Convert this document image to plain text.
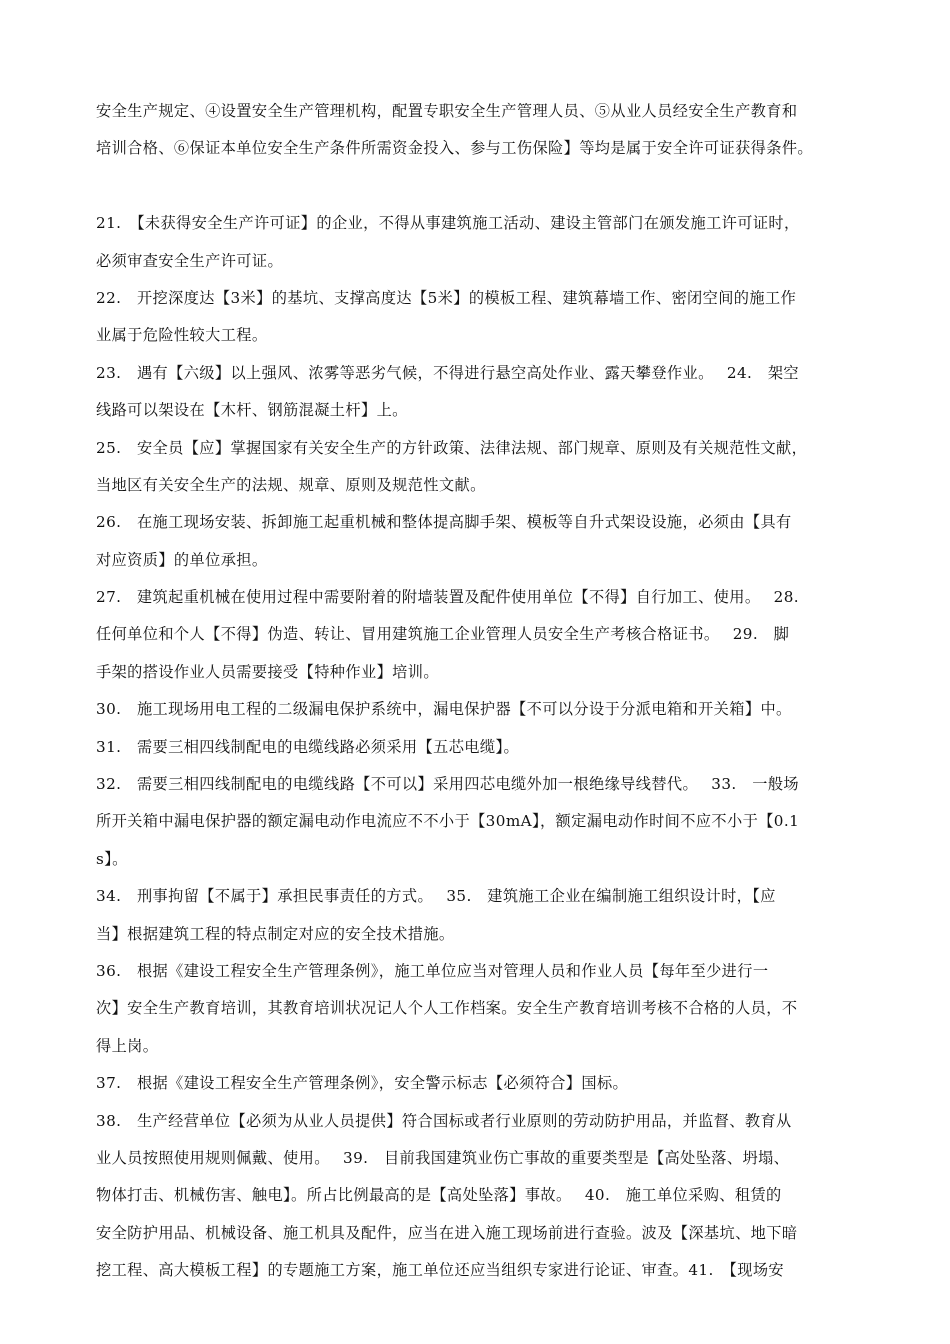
安全生产规定、④设置安全生产管理机构，配置专职安全生产管理人员、⑤从业人员经安全生产教育和
培训合格、⑥保证本单位安全生产条件所需资金投入、参与工伤保险】等均是属于安全许可证获得条件。
21.　【未获得安全生产许可证】的企业，不得从事建筑施工活动、建设主管部门在颁发施工许可证时，
必须审查安全生产许可证。
22.　开挖深度达【3米】的基坑、支撑高度达【5米】的模板工程、建筑幕墙工作、密闭空间的施工作
业属于危险性较大工程。
23.　遇有【六级】以上强风、浓雾等恶劣气候，不得进行悬空高处作业、露天攀登作业。　 24.　架空
线路可以架设在【木杆、钢筋混凝土杆】上。
25.　安全员【应】掌握国家有关安全生产的方针政策、法律法规、部门规章、原则及有关规范性文献，
当地区有关安全生产的法规、规章、原则及规范性文献。
26.　在施工现场安装、拆卸施工起重机械和整体提高脚手架、模板等自升式架设设施，必须由【具有
对应资质】的单位承担。
27.　建筑起重机械在使用过程中需要附着的附墙装置及配件使用单位【不得】自行加工、使用。　 28.
任何单位和个人【不得】伪造、转让、冒用建筑施工企业管理人员安全生产考核合格证书。　 29.　脚
手架的搭设作业人员需要接受【特种作业】培训。
30.　施工现场用电工程的二级漏电保护系统中，漏电保护器【不可以分设于分派电箱和开关箱】中。
31.　需要三相四线制配电的电缆线路必须采用【五芯电缆】。
32.　需要三相四线制配电的电缆线路【不可以】采用四芯电缆外加一根绝缘导线替代。　 33.　一般场
所开关箱中漏电保护器的额定漏电动作电流应不不小于【30mA】，额定漏电动作时间不应不小于【0.1
s】。
34.　刑事拘留【不属于】承担民事责任的方式。　 35.　建筑施工企业在编制施工组织设计时，【应
当】根据建筑工程的特点制定对应的安全技术措施。
36.　根据《建设工程安全生产管理条例》，施工单位应当对管理人员和作业人员【每年至少进行一
次】安全生产教育培训，其教育培训状况记人个人工作档案。安全生产教育培训考核不合格的人员，不
得上岗。
37.　根据《建设工程安全生产管理条例》，安全警示标志【必须符合】国标。
38.　生产经营单位【必须为从业人员提供】符合国标或者行业原则的劳动防护用品，并监督、教育从
业人员按照使用规则佩戴、使用。　 39.　目前我国建筑业伤亡事故的重要类型是【高处坠落、坍塌、
物体打击、机械伤害、触电】。所占比例最高的是【高处坠落】事故。　 40.　施工单位采购、租赁的
安全防护用品、机械设备、施工机具及配件，应当在进入施工现场前进行查验。波及【深基坑、地下暗
挖工程、高大模板工程】的专题施工方案，施工单位还应当组织专家进行论证、审查。41.　【现场安
